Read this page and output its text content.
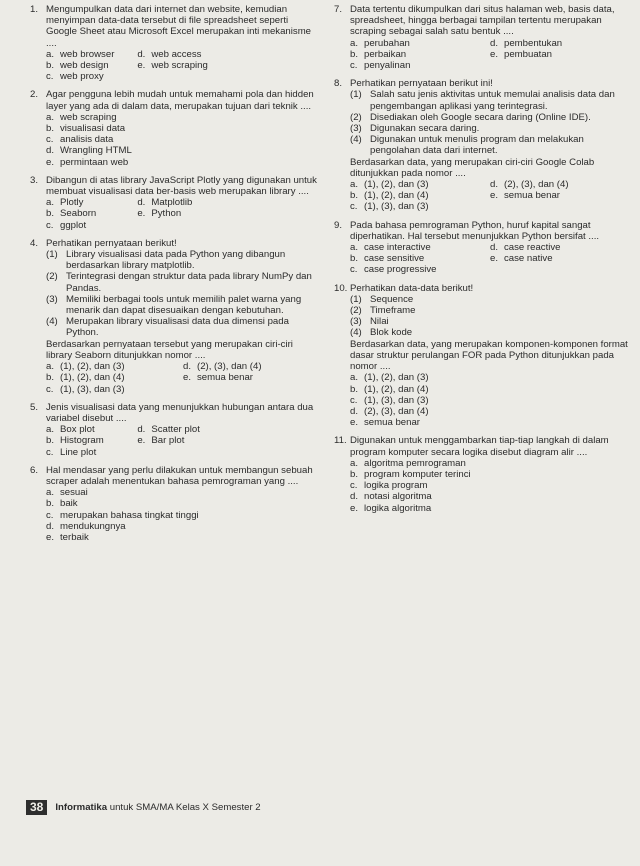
1. Mengumpulkan data dari internet dan website, kemudian menyimpan data-data tersebut di file spreadsheet seperti Google Sheet atau Microsoft Excel merupakan inti mekanisme ....
a. web browser d. web access
b. web design	e. web scraping
c. web proxy
2. Agar pengguna lebih mudah untuk memahami pola dan hidden layer yang ada di dalam data, merupakan tujuan dari teknik ....
a. web scraping
b. visualisasi data
c. analisis data
d. Wrangling HTML
e. permintaan web
3. Dibangun di atas library JavaScript Plotly yang digunakan untuk membuat visualisasi data ber-basis web merupakan library ....
a. Plotly	d. Matplotlib
b. Seaborn	e. Python
c. ggplot
4. Perhatikan pernyataan berikut!
(1) Library visualisasi data pada Python yang dibangun berdasarkan library matplotlib.
(2) Terintegrasi dengan struktur data pada library NumPy dan Pandas.
(3) Memiliki berbagai tools untuk memilih palet warna yang menarik dan dapat disesuaikan dengan kebutuhan.
(4) Merupakan library visualisasi data dua dimensi pada Python.
Berdasarkan pernyataan tersebut yang merupakan ciri-ciri library Seaborn ditunjukkan nomor ....
a. (1), (2), dan (3)	d. (2), (3), dan (4)
b. (1), (2), dan (4)	e. semua benar
c. (1), (3), dan (3)
5. Jenis visualisasi data yang menunjukkan hubungan antara dua variabel disebut ....
a. Box plot	d. Scatter plot
b. Histogram	e. Bar plot
c. Line plot
6. Hal mendasar yang perlu dilakukan untuk membangun sebuah scraper adalah menentukan bahasa pemrograman yang ....
a. sesuai
b. baik
c. merupakan bahasa tingkat tinggi
d. mendukungnya
e. terbaik
7. Data tertentu dikumpulkan dari situs halaman web, basis data, spreadsheet, hingga berbagai tampilan tertentu merupakan scraping sebagai salah satu bentuk ....
a. perubahan	d. pembentukan
b. perbaikan	e. pembuatan
c. penyalinan
8. Perhatikan pernyataan berikut ini!
(1) Salah satu jenis aktivitas untuk memulai analisis data dan pengembangan aplikasi yang terintegrasi.
(2) Disediakan oleh Google secara daring (Online IDE).
(3) Digunakan secara daring.
(4) Digunakan untuk menulis program dan melakukan pengolahan data dari internet.
Berdasarkan data, yang merupakan ciri-ciri Google Colab ditunjukkan pada nomor ....
a. (1), (2), dan (3)	d. (2), (3), dan (4)
b. (1), (2), dan (4)	e. semua benar
c. (1), (3), dan (3)
9. Pada bahasa pemrograman Python, huruf kapital sangat diperhatikan. Hal tersebut menunjukkan Python bersifat ....
a. case interactive	d. case reactive
b. case sensitive	e. case native
c. case progressive
10. Perhatikan data-data berikut!
(1) Sequence
(2) Timeframe
(3) Nilai
(4) Blok kode
Berdasarkan data, yang merupakan komponen-komponen format dasar struktur perulangan FOR pada Python ditunjukkan pada nomor ....
a. (1), (2), dan (3)
b. (1), (2), dan (4)
c. (1), (3), dan (3)
d. (2), (3), dan (4)
e. semua benar
11. Digunakan untuk menggambarkan tiap-tiap langkah di dalam program komputer secara logika disebut diagram alir ....
a. algoritma pemrograman
b. program komputer terinci
c. logika program
d. notasi algoritma
e. logika algoritma
38	Informatika untuk SMA/MA Kelas X Semester 2
